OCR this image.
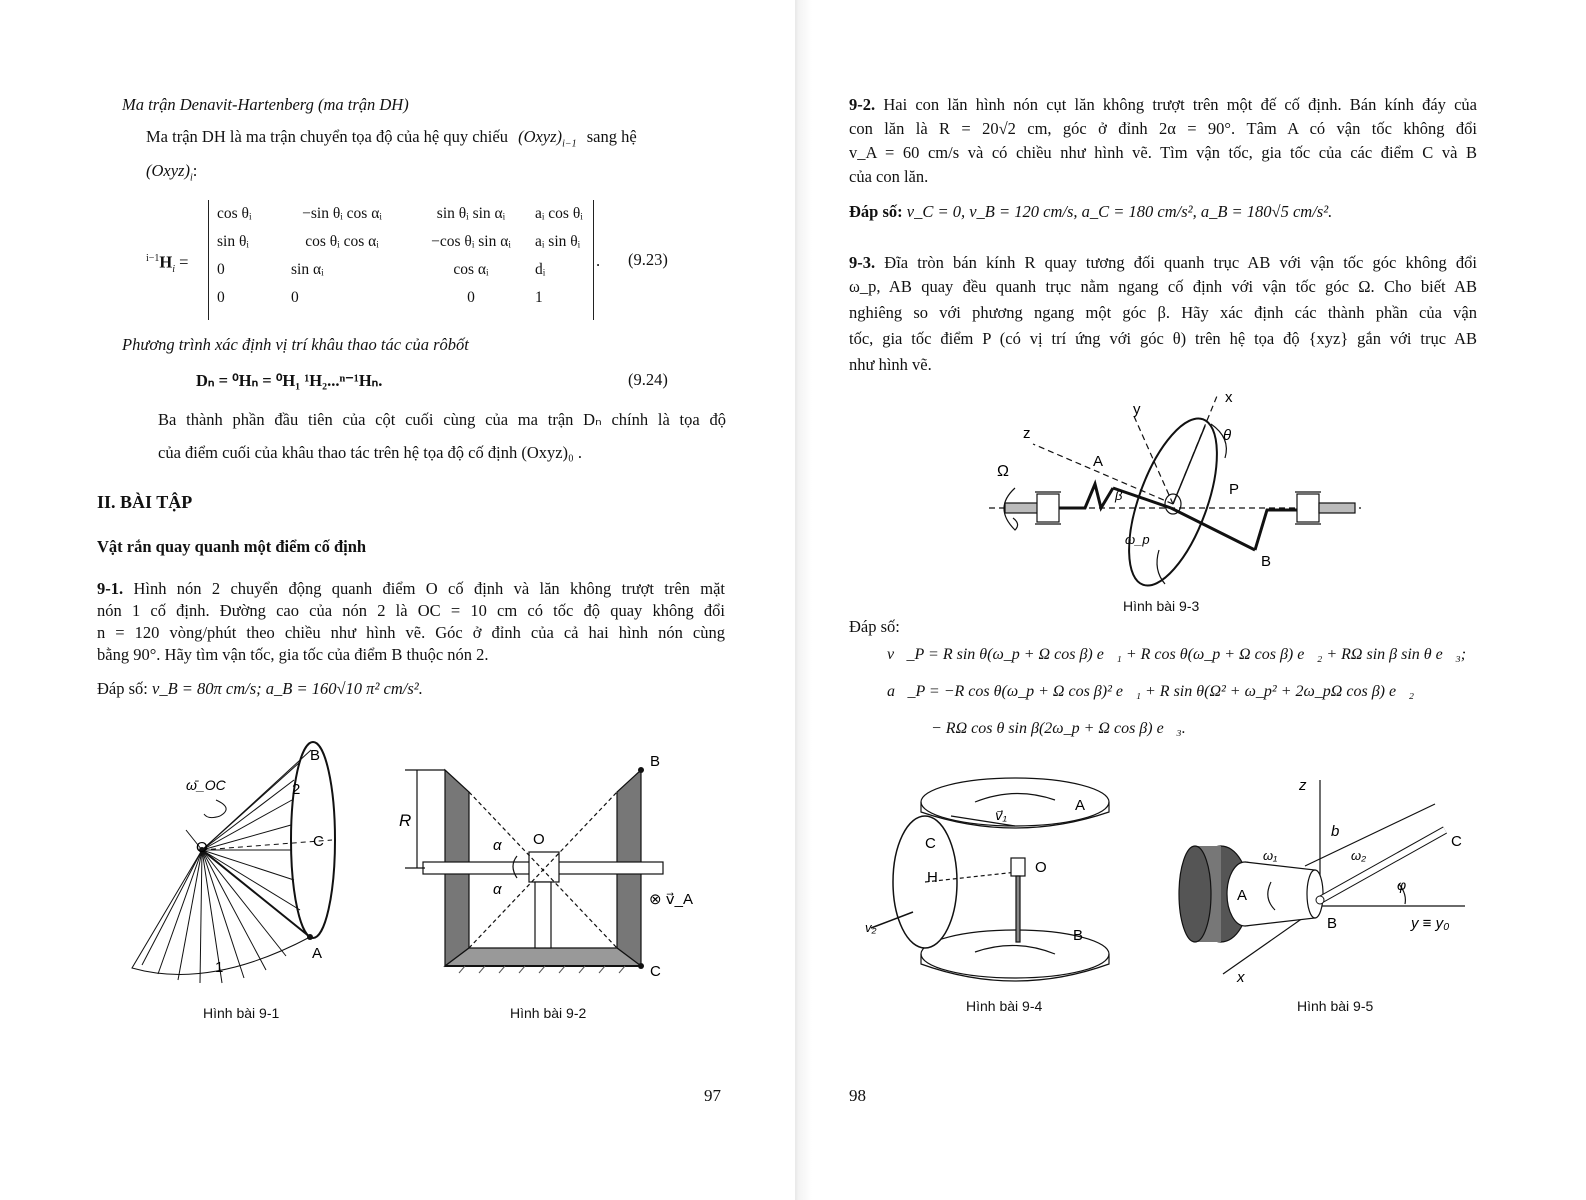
Ma trận Denavit-Hartenberg (ma trận DH)
Ma trận DH là ma trận chuyển tọa độ của hệ quy chiếu $(Oxyz)_{i-1}$ sang hệ
$(Oxyz)_i$:
$^{i-1}H_i$ =
cos θᵢ	−sin θᵢ cos αᵢ	sin θᵢ sin αᵢ	aᵢ cos θᵢ
sin θᵢ	cos θᵢ cos αᵢ	−cos θᵢ sin αᵢ	aᵢ sin θᵢ
0	sin αᵢ	cos αᵢ	dᵢ
0	0	0	1
. (9.23)
Phương trình xác định vị trí khâu thao tác của rôbốt
Dₙ = ⁰Hₙ = ⁰H₁ ¹H₂...ⁿ⁻¹Hₙ.	(9.24)
Ba thành phần đầu tiên của cột cuối cùng của ma trận Dₙ chính là tọa độ
của điểm cuối của khâu thao tác trên hệ tọa độ cố định (Oxyz)₀ .
II. BÀI TẬP
Vật rắn quay quanh một điểm cố định
9-1. Hình nón 2 chuyển động quanh điểm O cố định và lăn không trượt trên mặt
nón 1 cố định. Đường cao của nón 2 là OC = 10 cm có tốc độ quay không đổi
n = 120 vòng/phút theo chiều như hình vẽ. Góc ở đỉnh của cả hai hình nón cùng
bằng 90°. Hãy tìm vận tốc, gia tốc của điểm B thuộc nón 2.
Đáp số: v_B = 80π cm/s; a_B = 160√10 π² cm/s².
ω̄_OC
O
B
C
A
1
2
Hình bài 9-1
R
α
α
O
B
C
⊗ v⃗_A
Hình bài 9-2
97
9-2. Hai con lăn hình nón cụt lăn không trượt trên một đế cố định. Bán kính đáy của
con lăn là R = 20√2 cm, góc ở đỉnh 2α = 90°. Tâm A có vận tốc không đổi
v_A = 60 cm/s và có chiều như hình vẽ. Tìm vận tốc, gia tốc của các điểm C và B
của con lăn.
Đáp số: v_C = 0, v_B = 120 cm/s, a_C = 180 cm/s², a_B = 180√5 cm/s².
9-3. Đĩa tròn bán kính R quay tương đối quanh trục AB với vận tốc góc không đổi
ω_p, AB quay đều quanh trục nằm ngang cố định với vận tốc góc Ω. Cho biết AB
nghiêng so với phương ngang một góc β. Hãy xác định các thành phần của vận
tốc, gia tốc điểm P (có vị trí ứng với góc θ) trên hệ tọa độ {xyz} gắn với trục AB
như hình vẽ.
z
y
x
θ
Ω
A
β	P
ω_p
B
Hình bài 9-3
Đáp số:
v⃗_P = R sin θ(ω_p + Ω cos β) e⃗₁ + R cos θ(ω_p + Ω cos β) e⃗₂ + RΩ sin β sin θ e⃗₃;
a⃗_P = −R cos θ(ω_p + Ω cos β)² e⃗₁ + R sin θ(Ω² + ω_p² + 2ω_pΩ cos β) e⃗₂
− RΩ cos θ sin β(2ω_p + Ω cos β) e⃗₃.
A
v⃗₁
C
H
O
v₂	B
Hình bài 9-4
z
b
ω₁	ω₂
C
A
B
φ
y ≡ y₀
x
Hình bài 9-5
98
